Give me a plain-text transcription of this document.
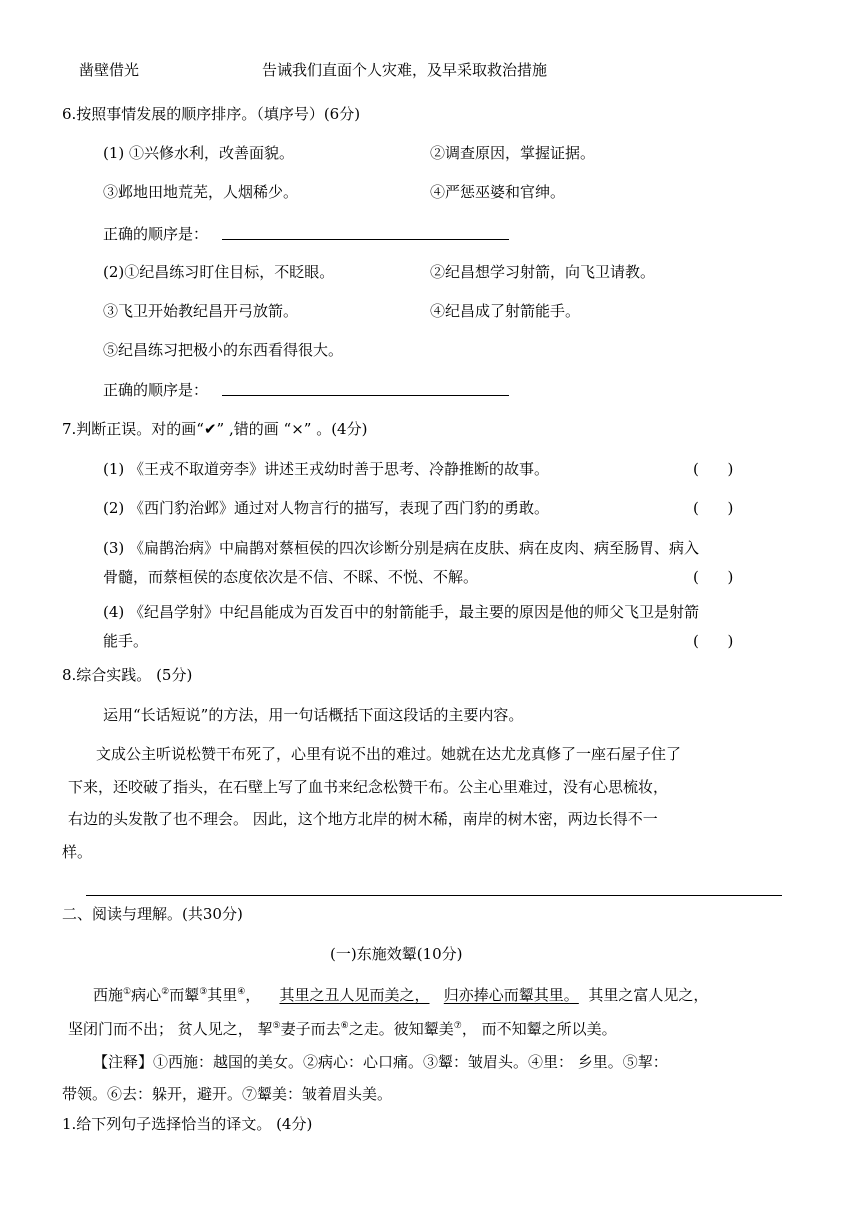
凿壁借光	告诫我们直面个人灾难，及早采取救治措施
6.按照事情发展的顺序排序。（填序号）(6分)
(1) ①兴修水利，改善面貌。	②调查原因，掌握证据。
③邺地田地荒芜，人烟稀少。	④严惩巫婆和官绅。
正确的顺序是：
(2)①纪昌练习盯住目标，不眨眼。	②纪昌想学习射箭，向飞卫请教。
③飞卫开始教纪昌开弓放箭。	④纪昌成了射箭能手。
⑤纪昌练习把极小的东西看得很大。
正确的顺序是：
7.判断正误。对的画“✔” ,错的画 “×” 。(4分)
(1) 《王戎不取道旁李》讲述王戎幼时善于思考、冷静推断的故事。	(      )
(2) 《西门豹治邺》通过对人物言行的描写，表现了西门豹的勇敢。	(      )
(3) 《扁鹊治病》中扁鹊对蔡桓侯的四次诊断分别是病在皮肤、病在皮肉、病至肠胃、病入
骨髓，而蔡桓侯的态度依次是不信、不睬、不悦、不解。	(      )
(4) 《纪昌学射》中纪昌能成为百发百中的射箭能手，最主要的原因是他的师父飞卫是射箭
能手。	(      )
8.综合实践。 (5分)
运用“长话短说”的方法，用一句话概括下面这段话的主要内容。
文成公主听说松赞干布死了，心里有说不出的难过。她就在达尤龙真修了一座石屋子住了
下来，还咬破了指头，在石壁上写了血书来纪念松赞干布。公主心里难过，没有心思梳妆，
右边的头发散了也不理会。 因此，这个地方北岸的树木稀，南岸的树木密，两边长得不一
样。
二、阅读与理解。(共30分)
(一)东施效颦(10分)
西施①病心②而颦③其里④， 其里之丑人见而美之， 归亦捧心而颦其里。 其里之富人见之，
坚闭门而不出； 贫人见之， 挈⑤妻子而去⑥之走。彼知颦美⑦， 而不知颦之所以美。
【注释】①西施：越国的美女。②病心：心口痛。③颦：皱眉头。④里： 乡里。⑤挈：
带领。⑥去：躲开，避开。⑦颦美：皱着眉头美。
1.给下列句子选择恰当的译文。 (4分)
